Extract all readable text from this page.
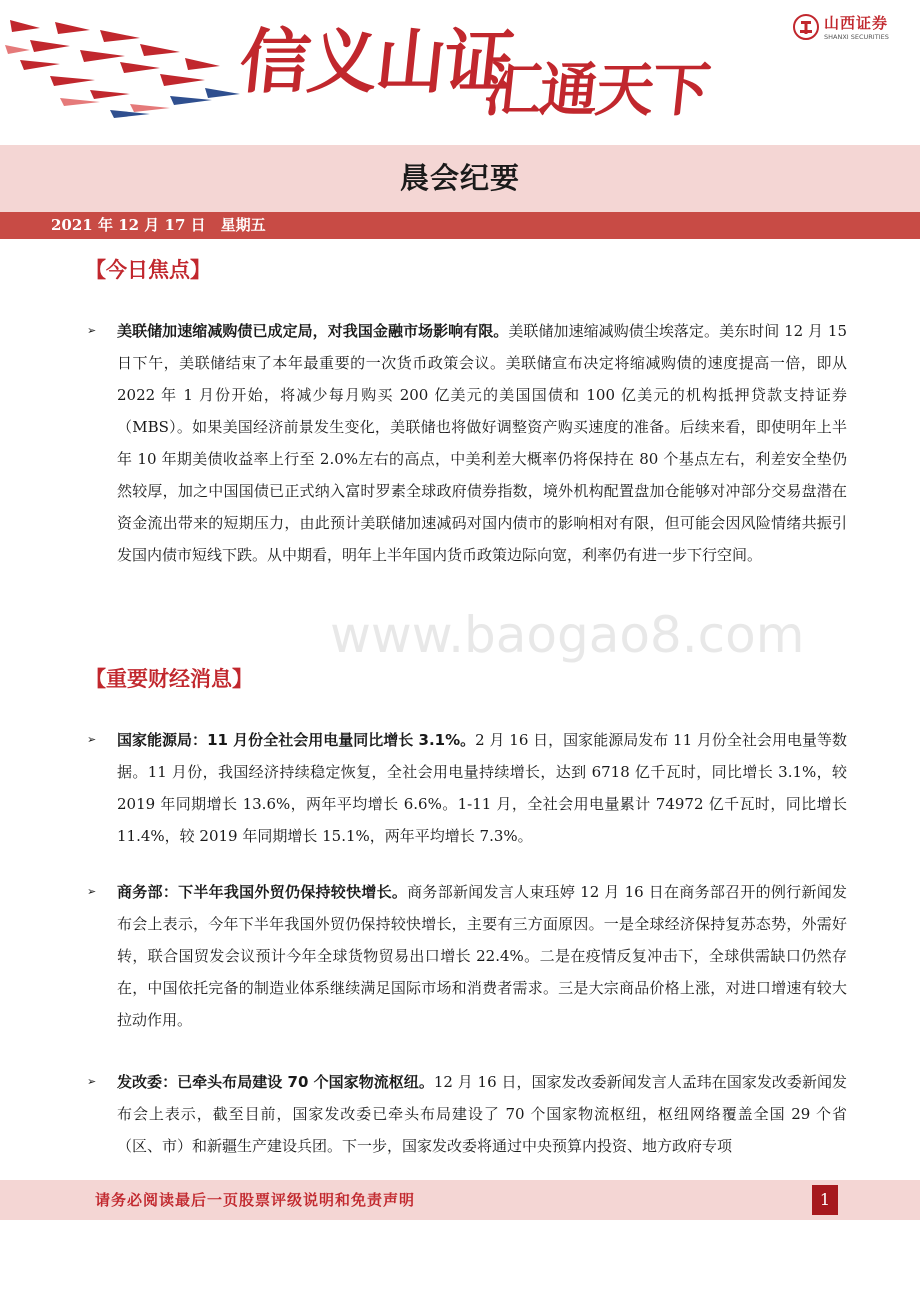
信义山证
汇通天下
山西证券
SHANXI SECURITIES
晨会纪要
2021 年 12 月 17 日　星期五
【今日焦点】
➢ 美联储加速缩减购债已成定局，对我国金融市场影响有限。美联储加速缩减购债尘埃落定。美东时间 12 月 15 日下午，美联储结束了本年最重要的一次货币政策会议。美联储宣布决定将缩减购债的速度提高一倍，即从 2022 年 1 月份开始，将减少每月购买 200 亿美元的美国国债和 100 亿美元的机构抵押贷款支持证券（MBS）。如果美国经济前景发生变化，美联储也将做好调整资产购买速度的准备。后续来看，即使明年上半年 10 年期美债收益率上行至 2.0%左右的高点，中美利差大概率仍将保持在 80 个基点左右，利差安全垫仍然较厚，加之中国国债已正式纳入富时罗素全球政府债券指数，境外机构配置盘加仓能够对冲部分交易盘潜在资金流出带来的短期压力，由此预计美联储加速减码对国内债市的影响相对有限，但可能会因风险情绪共振引发国内债市短线下跌。从中期看，明年上半年国内货币政策边际向宽，利率仍有进一步下行空间。
www.baogao8.com
【重要财经消息】
➢ 国家能源局：11 月份全社会用电量同比增长 3.1%。2 月 16 日，国家能源局发布 11 月份全社会用电量等数据。11 月份，我国经济持续稳定恢复，全社会用电量持续增长，达到 6718 亿千瓦时，同比增长 3.1%，较 2019 年同期增长 13.6%，两年平均增长 6.6%。1-11 月，全社会用电量累计 74972 亿千瓦时，同比增长 11.4%，较 2019 年同期增长 15.1%，两年平均增长 7.3%。
➢ 商务部：下半年我国外贸仍保持较快增长。商务部新闻发言人束珏婷 12 月 16 日在商务部召开的例行新闻发布会上表示，今年下半年我国外贸仍保持较快增长，主要有三方面原因。一是全球经济保持复苏态势，外需好转，联合国贸发会议预计今年全球货物贸易出口增长 22.4%。二是在疫情反复冲击下，全球供需缺口仍然存在，中国依托完备的制造业体系继续满足国际市场和消费者需求。三是大宗商品价格上涨，对进口增速有较大拉动作用。
➢ 发改委：已牵头布局建设 70 个国家物流枢纽。12 月 16 日，国家发改委新闻发言人孟玮在国家发改委新闻发布会上表示，截至目前，国家发改委已牵头布局建设了 70 个国家物流枢纽，枢纽网络覆盖全国 29 个省（区、市）和新疆生产建设兵团。下一步，国家发改委将通过中央预算内投资、地方政府专项
请务必阅读最后一页股票评级说明和免责声明	1
